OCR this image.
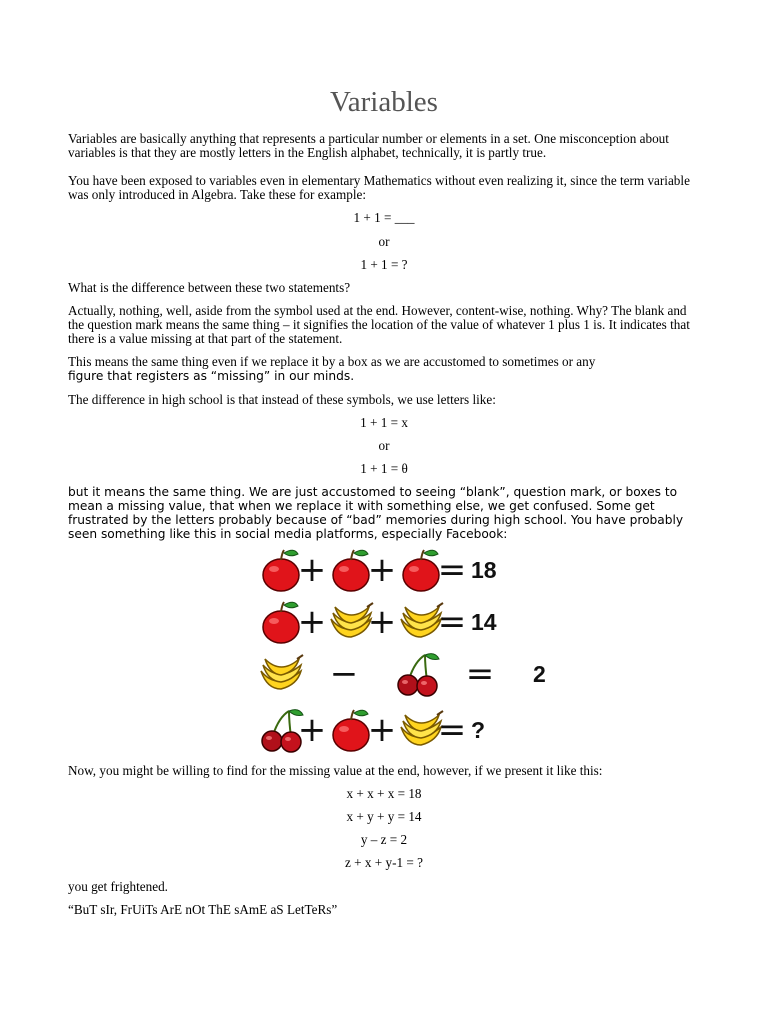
Variables
Variables are basically anything that represents a particular number or elements in a set. One misconception about variables is that they are mostly letters in the English alphabet, technically, it is partly true.
You have been exposed to variables even in elementary Mathematics without even realizing it, since the term variable was only introduced in Algebra. Take these for example:
1 + 1 = ___
or
1 + 1 = ?
What is the difference between these two statements?
Actually, nothing, well, aside from the symbol used at the end. However, content-wise, nothing. Why? The blank and the question mark means the same thing – it signifies the location of the value of whatever 1 plus 1 is. It indicates that there is a value missing at that part of the statement.
This means the same thing even if we replace it by a box as we are accustomed to sometimes or any
figure that registers as “missing” in our minds.
The difference in high school is that instead of these symbols, we use letters like:
1 + 1 = x
or
1 + 1 = θ
but it means the same thing. We are just accustomed to seeing “blank”, question mark, or boxes to mean a missing value, that when we replace it with something else, we get confused. Some get frustrated by the letters probably because of “bad” memories during high school. You have probably seen something like this in social media platforms, especially Facebook:
+ + = 18
+ + = 14
−	= 2
+ + = ?
Now, you might be willing to find for the missing value at the end, however, if we present it like this:
x + x + x = 18
x + y + y = 14
y – z = 2
z + x + y-1 = ?
you get frightened.
“BuT sIr, FrUiTs ArE nOt ThE sAmE aS LetTeRs”
